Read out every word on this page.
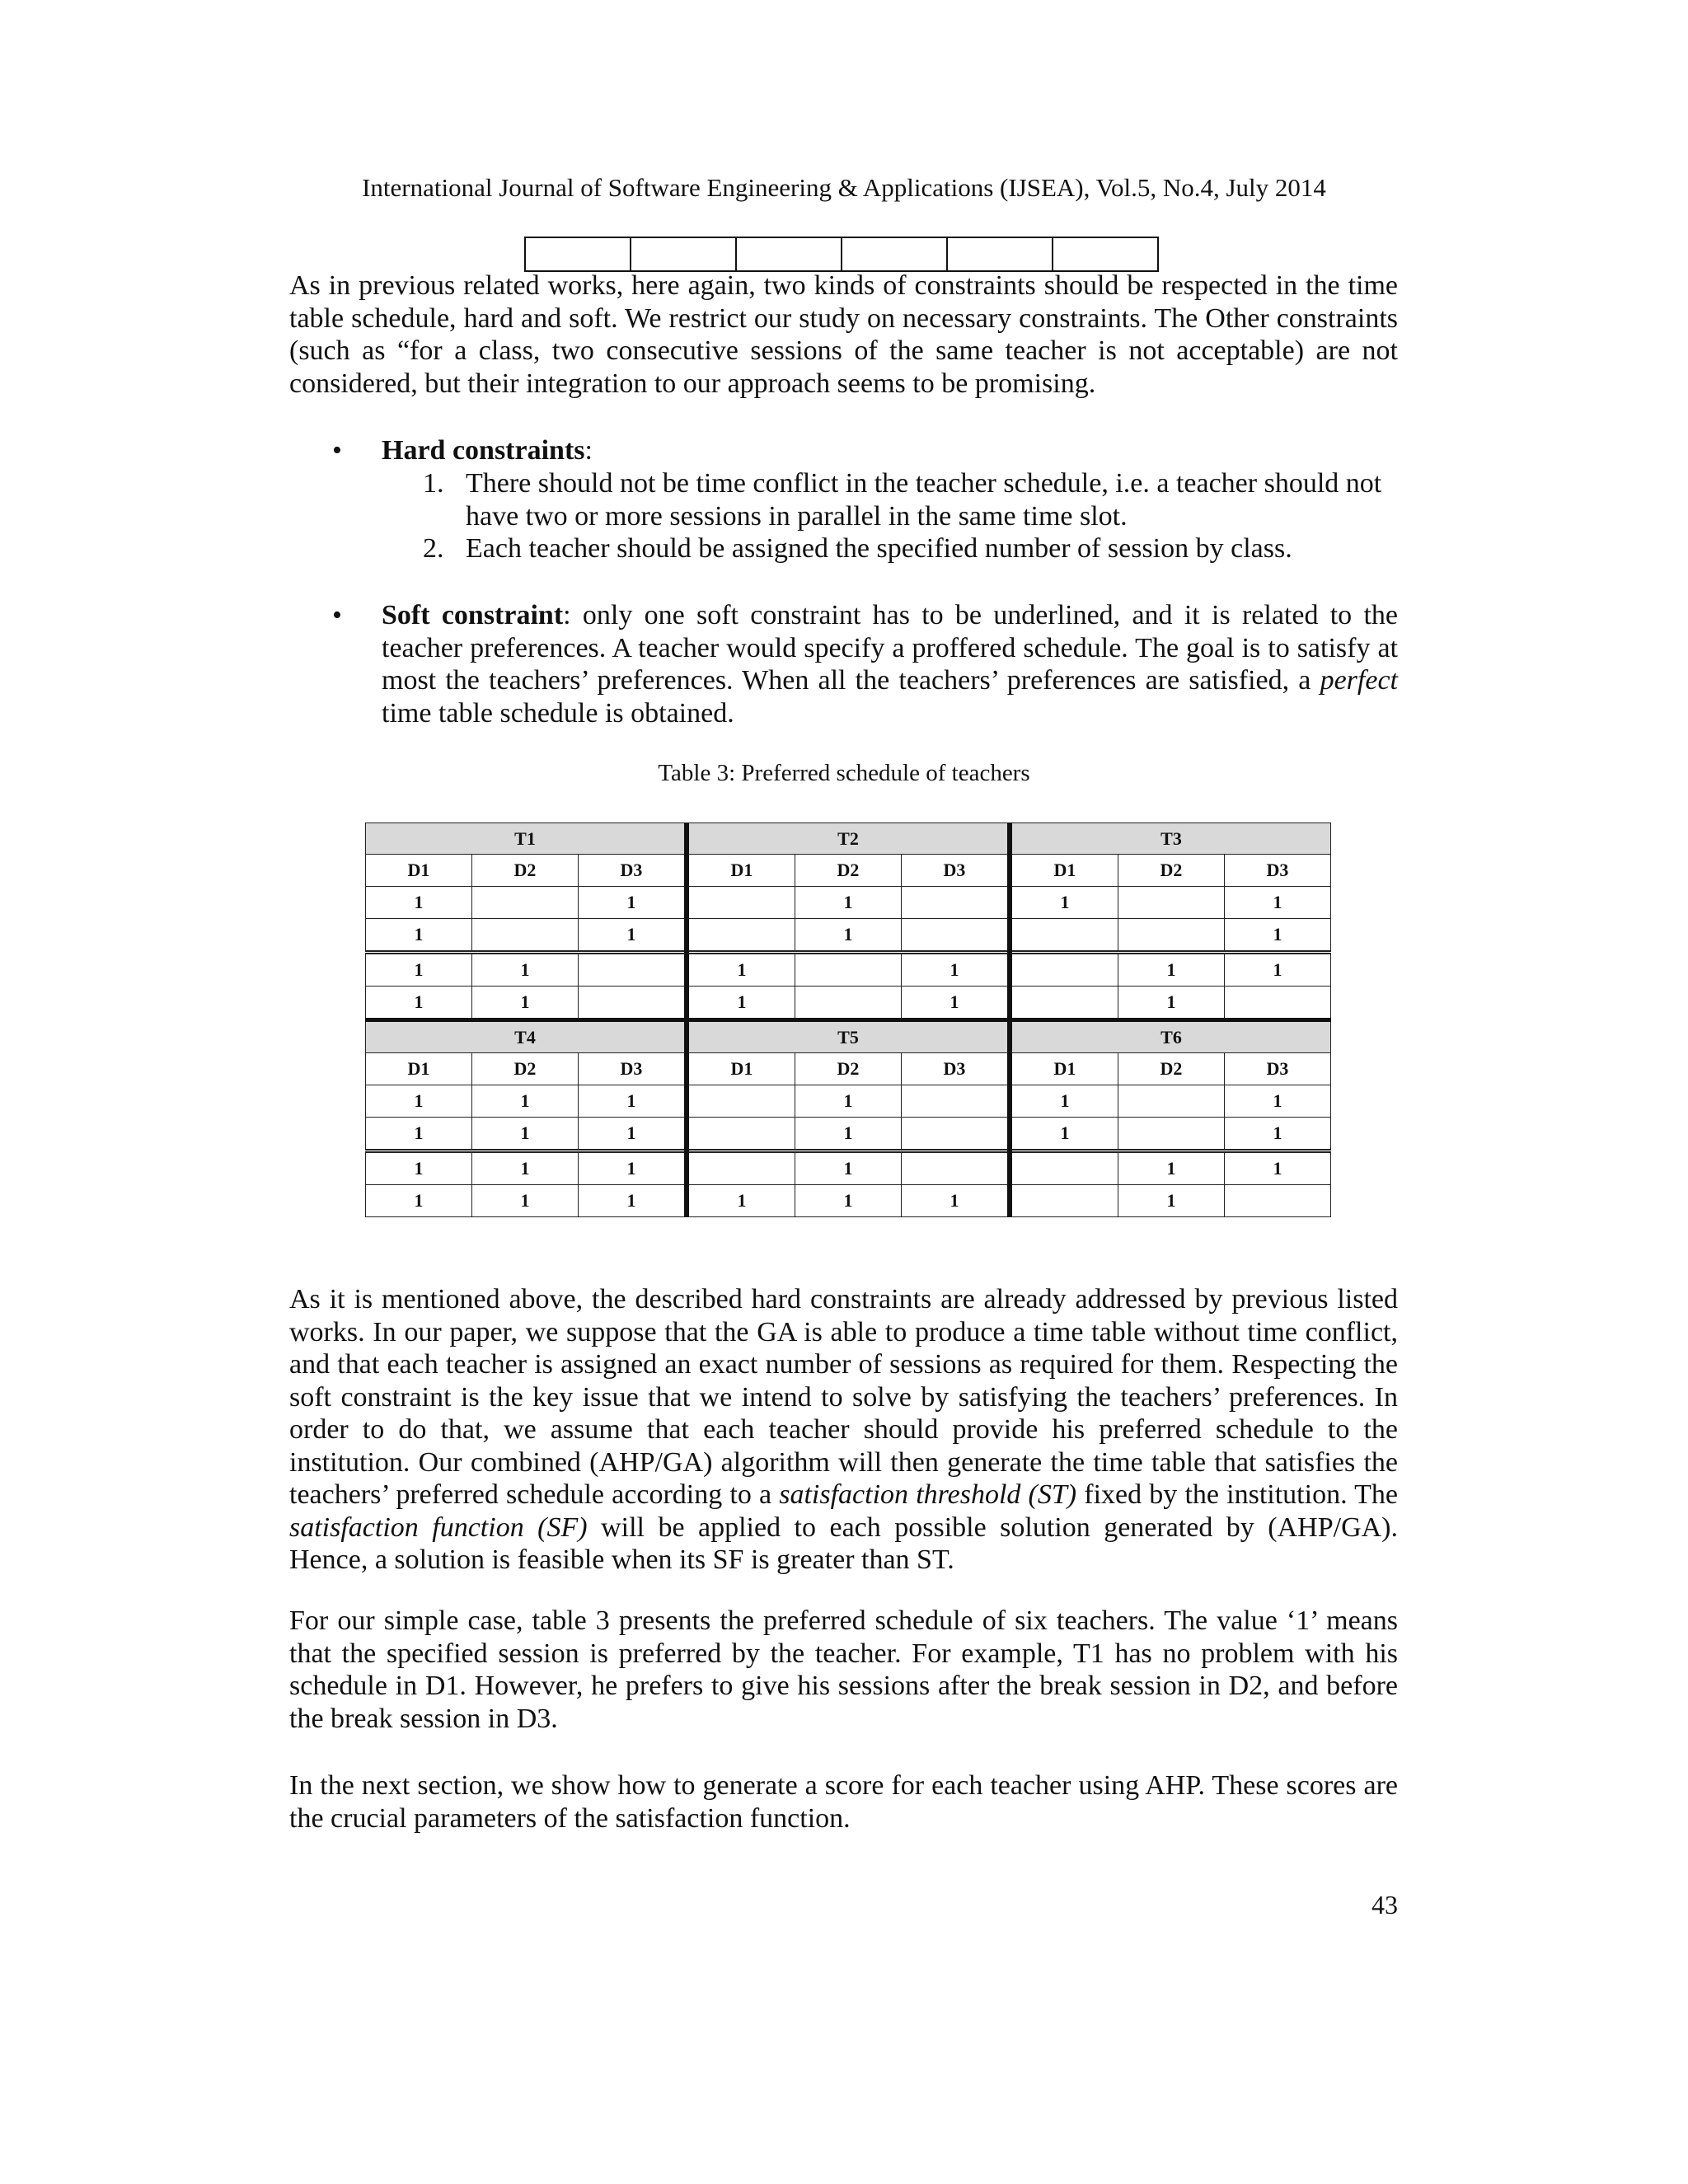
International Journal of Software Engineering & Applications (IJSEA), Vol.5, No.4, July 2014

As in previous related works, here again, two kinds of constraints should be respected in the time table schedule, hard and soft. We restrict our study on necessary constraints. The Other constraints (such as “for a class, two consecutive sessions of the same teacher is not acceptable) are not considered, but their integration to our approach seems to be promising.

• Hard constraints:
1. There should not be time conflict in the teacher schedule, i.e. a teacher should not have two or more sessions in parallel in the same time slot.
2. Each teacher should be assigned the specified number of session by class.
• Soft constraint: only one soft constraint has to be underlined, and it is related to the teacher preferences. A teacher would specify a proffered schedule. The goal is to satisfy at most the teachers’ preferences. When all the teachers’ preferences are satisfied, a perfect time table schedule is obtained.

Table 3: Preferred schedule of teachers
T1			T2			T3		
D1	D2	D3	D1	D2	D3	D1	D2	D3
1		1		1		1		1
1		1		1				1
1	1		1		1		1	1
1	1		1		1		1	
T4			T5			T6		
D1	D2	D3	D1	D2	D3	D1	D2	D3
1	1	1		1		1		1
1	1	1		1		1		1
1	1	1		1			1	1
1	1	1	1	1	1		1	

As it is mentioned above, the described hard constraints are already addressed by previous listed works. In our paper, we suppose that the GA is able to produce a time table without time conflict, and that each teacher is assigned an exact number of sessions as required for them. Respecting the soft constraint is the key issue that we intend to solve by satisfying the teachers’ preferences. In order to do that, we assume that each teacher should provide his preferred schedule to the institution. Our combined (AHP/GA) algorithm will then generate the time table that satisfies the teachers’ preferred schedule according to a satisfaction threshold (ST) fixed by the institution. The satisfaction function (SF) will be applied to each possible solution generated by (AHP/GA). Hence, a solution is feasible when its SF is greater than ST.

For our simple case, table 3 presents the preferred schedule of six teachers. The value ‘1’ means that the specified session is preferred by the teacher. For example, T1 has no problem with his schedule in D1. However, he prefers to give his sessions after the break session in D2, and before the break session in D3.

In the next section, we show how to generate a score for each teacher using AHP. These scores are the crucial parameters of the satisfaction function.

43
